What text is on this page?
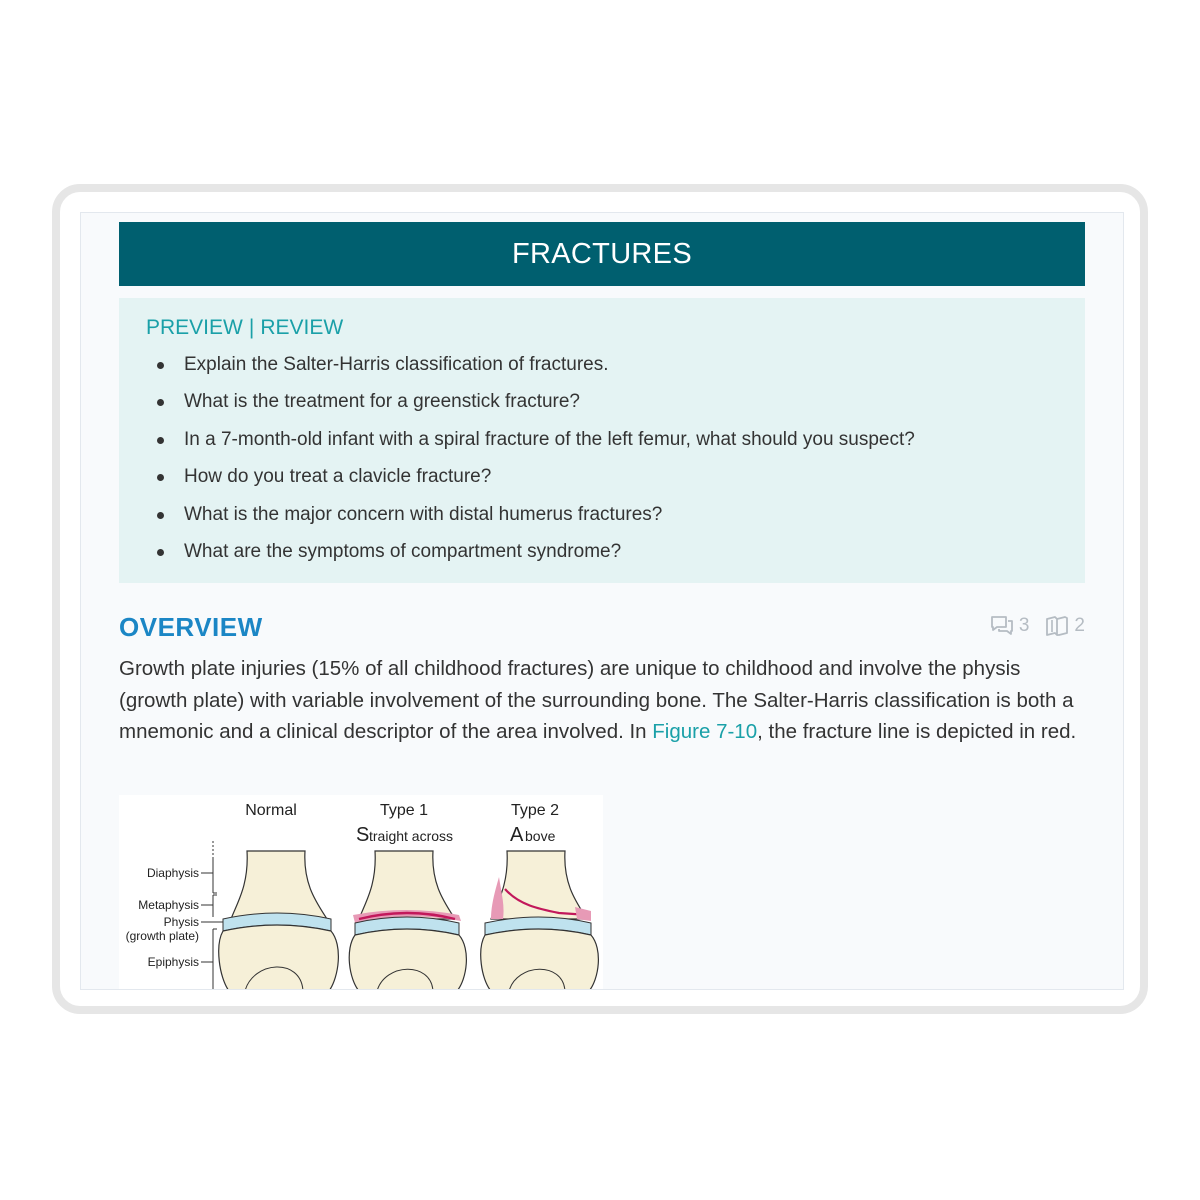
FRACTURES
PREVIEW | REVIEW
Explain the Salter-Harris classification of fractures.
What is the treatment for a greenstick fracture?
In a 7-month-old infant with a spiral fracture of the left femur, what should you suspect?
How do you treat a clavicle fracture?
What is the major concern with distal humerus fractures?
What are the symptoms of compartment syndrome?
OVERVIEW	3 2

Growth plate injuries (15% of all childhood fractures) are unique to childhood and involve the physis (growth plate) with variable involvement of the surrounding bone. The Salter-Harris classification is both a mnemonic and a clinical descriptor of the area involved. In Figure 7-10, the fracture line is depicted in red.

Normal	Type 1
S traight across
Type 2
A bove
Diaphysis
Metaphysis
Physis
(growth plate)
Epiphysis
